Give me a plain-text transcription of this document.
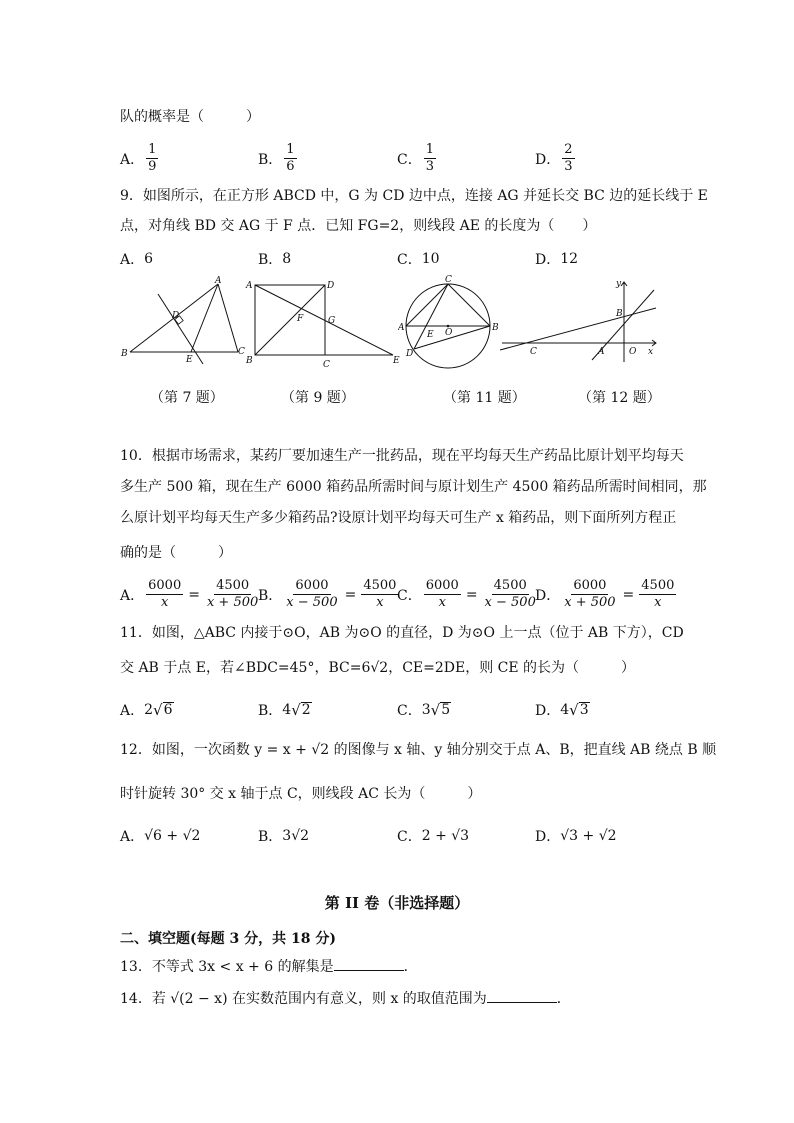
队的概率是（　　　）
A． $\frac{1}{9}$	B． $\frac{1}{6}$	C． $\frac{1}{3}$	D． $\frac{2}{3}$
9．如图所示，在正方形 ABCD 中，G 为 CD 边中点，连接 AG 并延长交 BC 边的延长线于 E
点，对角线 BD 交 AG 于 F 点．已知 FG=2，则线段 AE 的长度为（　　）
A． 6	B． 8	C． 10	D． 12
A
B	C
D
E
A
B	C
D
E
F	G
C
A	B
D
E O
y
x
B
C	A	O
（第 7 题）	（第 9 题）	（第 11 题）	（第 12 题）
10．根据市场需求，某药厂要加速生产一批药品，现在平均每天生产药品比原计划平均每天
多生产 500 箱，现在生产 6000 箱药品所需时间与原计划生产 4500 箱药品所需时间相同，那
么原计划平均每天生产多少箱药品?设原计划平均每天可生产 x 箱药品，则下面所列方程正
确的是（　　　）
A． $\frac{6000}{x} = \frac{4500}{x + 500}$
B． $\frac{6000}{x - 500} = \frac{4500}{x}$
C． $\frac{6000}{x} = \frac{4500}{x - 500}$
D． $\frac{6000}{x + 500} = \frac{4500}{x}$
11．如图，△ABC 内接于⊙O，AB 为⊙O 的直径，D 为⊙O 上一点（位于 AB 下方），CD
交 AB 于点 E，若∠BDC=45°，BC=6√2，CE=2DE，则 CE 的长为（　　　）
A． 2 √ 6	B． 4 √ 2	C． 3 √ 5	D． 4 √ 3
12．如图，一次函数 y = x + √2 的图像与 x 轴、y 轴分别交于点 A、B，把直线 AB 绕点 B 顺
时针旋转 30° 交 x 轴于点 C，则线段 AC 长为（　　　）
A． √6 + √2	B． 3√2	C． 2 + √3	D． √3 + √2
第 II 卷（非选择题）
二、填空题(每题 3 分，共 18 分)
13．不等式 3x < x + 6 的解集是	．
14．若 √(2 − x) 在实数范围内有意义，则 x 的取值范围为	．
